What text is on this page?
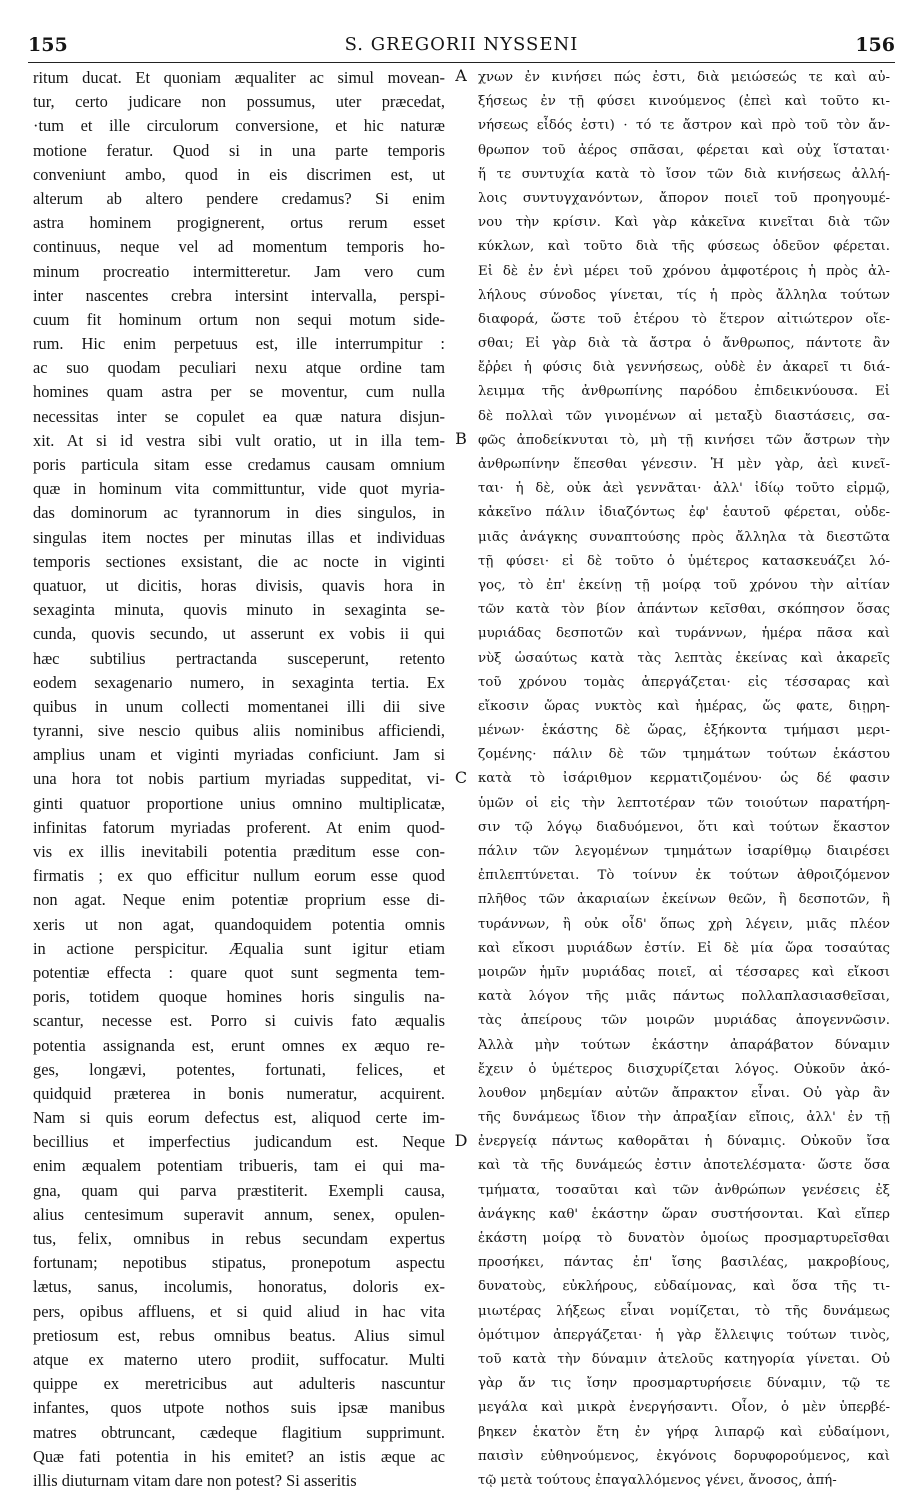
155	S. GREGORII NYSSENI	156
ritum ducat. Et quoniam æqualiter ac simul movean-
tur, certo judicare non possumus, uter præcedat,
·tum et ille circulorum conversione, et hic naturæ
motione feratur. Quod si in una parte temporis
conveniunt ambo, quod in eis discrimen est, ut
alterum ab altero pendere credamus? Si enim
astra hominem progignerent, ortus rerum esset
continuus, neque vel ad momentum temporis ho-
minum procreatio intermitteretur. Jam vero cum
inter nascentes crebra intersint intervalla, perspi-
cuum fit hominum ortum non sequi motum side-
rum. Hic enim perpetuus est, ille interrumpitur :
ac suo quodam peculiari nexu atque ordine tam
homines quam astra per se moventur, cum nulla
necessitas inter se copulet ea quæ natura disjun-
xit. At si id vestra sibi vult oratio, ut in illa tem-
poris particula sitam esse credamus causam omnium
quæ in hominum vita committuntur, vide quot myria-
das dominorum ac tyrannorum in dies singulos, in
singulas item noctes per minutas illas et individuas
temporis sectiones exsistant, die ac nocte in viginti
quatuor, ut dicitis, horas divisis, quavis hora in
sexaginta minuta, quovis minuto in sexaginta se-
cunda, quovis secundo, ut asserunt ex vobis ii qui
hæc subtilius pertractanda susceperunt, retento
eodem sexagenario numero, in sexaginta tertia. Ex
quibus in unum collecti momentanei illi dii sive
tyranni, sive nescio quibus aliis nominibus afficiendi,
amplius unam et viginti myriadas conficiunt. Jam si
una hora tot nobis partium myriadas suppeditat, vi-
ginti quatuor proportione unius omnino multiplicatæ,
infinitas fatorum myriadas proferent. At enim quod-
vis ex illis inevitabili potentia præditum esse con-
firmatis ; ex quo efficitur nullum eorum esse quod
non agat. Neque enim potentiæ proprium esse di-
xeris ut non agat, quandoquidem potentia omnis
in actione perspicitur. Æqualia sunt igitur etiam
potentiæ effecta : quare quot sunt segmenta tem-
poris, totidem quoque homines horis singulis na-
scantur, necesse est. Porro si cuivis fato æqualis
potentia assignanda est, erunt omnes ex æquo re-
ges, longævi, potentes, fortunati, felices, et
quidquid præterea in bonis numeratur, acquirent.
Nam si quis eorum defectus est, aliquod certe im-
becillius et imperfectius judicandum est. Neque
enim æqualem potentiam tribueris, tam ei qui ma-
gna, quam qui parva præstiterit. Exempli causa,
alius centesimum superavit annum, senex, opulen-
tus, felix, omnibus in rebus secundam expertus
fortunam; nepotibus stipatus, pronepotum aspectu
lætus, sanus, incolumis, honoratus, doloris ex-
pers, opibus affluens, et si quid aliud in hac vita
pretiosum est, rebus omnibus beatus. Alius simul
atque ex materno utero prodiit, suffocatur. Multi
quippe ex meretricibus aut adulteris nascuntur
infantes, quos utpote nothos suis ipsæ manibus
matres obtruncant, cædeque flagitium supprimunt.
Quæ fati potentia in his emitet? an istis æque ac
illis diuturnam vitam dare non potest? Si asseritis
χνων ἐν κινήσει πώς ἐστι, διὰ μειώσεώς τε καὶ αὐ-
ξήσεως ἐν τῇ φύσει κινούμενος (ἐπεὶ καὶ τοῦτο κι-
νήσεως εἶδός ἐστι) · τό τε ἄστρον καὶ πρὸ τοῦ τὸν ἄν-
θρωπον τοῦ ἀέρος σπᾶσαι, φέρεται καὶ οὐχ ἵσταται·
ἥ τε συντυχία κατὰ τὸ ἴσον τῶν διὰ κινήσεως ἀλλή-
λοις συντυγχανόντων, ἄπορον ποιεῖ τοῦ προηγουμέ-
νου τὴν κρίσιν. Καὶ γὰρ κἀκεῖνα κινεῖται διὰ τῶν
κύκλων, καὶ τοῦτο διὰ τῆς φύσεως ὁδεῦον φέρεται.
Εἰ δὲ ἐν ἑνὶ μέρει τοῦ χρόνου ἀμφοτέροις ἡ πρὸς ἀλ-
λήλους σύνοδος γίνεται, τίς ἡ πρὸς ἄλληλα τούτων
διαφορά, ὥστε τοῦ ἑτέρου τὸ ἕτερον αἰτιώτερον οἴε-
σθαι; Εἰ γὰρ διὰ τὰ ἄστρα ὁ ἄνθρωπος, πάντοτε ἂν
ἔῤῥει ἡ φύσις διὰ γεννήσεως, οὐδὲ ἐν ἀκαρεῖ τι διά-
λειμμα τῆς ἀνθρωπίνης παρόδου ἐπιδεικνύουσα. Εἰ
δὲ πολλαὶ τῶν γινομένων αἱ μεταξὺ διαστάσεις, σα-
φῶς ἀποδείκνυται τὸ, μὴ τῇ κινήσει τῶν ἄστρων τὴν
ἀνθρωπίνην ἕπεσθαι γένεσιν. Ἡ μὲν γὰρ, ἀεὶ κινεῖ-
ται· ἡ δὲ, οὐκ ἀεὶ γεννᾶται· ἀλλ' ἰδίῳ τοῦτο εἱρμῷ,
κἀκεῖνο πάλιν ἰδιαζόντως ἐφ' ἑαυτοῦ φέρεται, οὐδε-
μιᾶς ἀνάγκης συναπτούσης πρὸς ἄλληλα τὰ διεστῶτα
τῇ φύσει· εἰ δὲ τοῦτο ὁ ὑμέτερος κατασκευάζει λό-
γος, τὸ ἐπ' ἐκείνῃ τῇ μοίρᾳ τοῦ χρόνου τὴν αἰτίαν
τῶν κατὰ τὸν βίον ἁπάντων κεῖσθαι, σκόπησον ὅσας
μυριάδας δεσποτῶν καὶ τυράννων, ἡμέρα πᾶσα καὶ
νὺξ ὡσαύτως κατὰ τὰς λεπτὰς ἐκείνας καὶ ἀκαρεῖς
τοῦ χρόνου τομὰς ἀπεργάζεται· εἰς τέσσαρας καὶ
εἴκοσιν ὥρας νυκτὸς καὶ ἡμέρας, ὥς φατε, διῃρη-
μένων· ἑκάστης δὲ ὥρας, ἑξήκοντα τμήμασι μερι-
ζομένης· πάλιν δὲ τῶν τμημάτων τούτων ἑκάστου
κατὰ τὸ ἰσάριθμον κερματιζομένου· ὡς δέ φασιν
ὑμῶν οἱ εἰς τὴν λεπτοτέραν τῶν τοιούτων παρατήρη-
σιν τῷ λόγῳ διαδυόμενοι, ὅτι καὶ τούτων ἕκαστον
πάλιν τῶν λεγομένων τμημάτων ἰσαρίθμῳ διαιρέσει
ἐπιλεπτύνεται. Τὸ τοίνυν ἐκ τούτων ἀθροιζόμενον
πλῆθος τῶν ἀκαριαίων ἐκείνων θεῶν, ἢ δεσποτῶν, ἢ
τυράννων, ἢ οὐκ οἶδ' ὅπως χρὴ λέγειν, μιᾶς πλέον
καὶ εἴκοσι μυριάδων ἐστίν. Εἰ δὲ μία ὥρα τοσαύτας
μοιρῶν ἡμῖν μυριάδας ποιεῖ, αἱ τέσσαρες καὶ εἴκοσι
κατὰ λόγον τῆς μιᾶς πάντως πολλαπλασιασθεῖσαι,
τὰς ἀπείρους τῶν μοιρῶν μυριάδας ἀπογεννῶσιν.
Ἀλλὰ μὴν τούτων ἑκάστην ἀπαράβατον δύναμιν
ἔχειν ὁ ὑμέτερος διισχυρίζεται λόγος. Οὐκοῦν ἀκό-
λουθον μηδεμίαν αὐτῶν ἄπρακτον εἶναι. Οὐ γὰρ ἂν
τῆς δυνάμεως ἴδιον τὴν ἀπραξίαν εἴποις, ἀλλ' ἐν τῇ
ἐνεργείᾳ πάντως καθορᾶται ἡ δύναμις. Οὐκοῦν ἴσα
καὶ τὰ τῆς δυνάμεώς ἐστιν ἀποτελέσματα· ὥστε ὅσα
τμήματα, τοσαῦται καὶ τῶν ἀνθρώπων γενέσεις ἐξ
ἀνάγκης καθ' ἑκάστην ὥραν συστήσονται. Καὶ εἴπερ
ἑκάστη μοίρᾳ τὸ δυνατὸν ὁμοίως προσμαρτυρεῖσθαι
προσήκει, πάντας ἐπ' ἴσης βασιλέας, μακροβίους,
δυνατοὺς, εὐκλήρους, εὐδαίμονας, καὶ ὅσα τῆς τι-
μιωτέρας λήξεως εἶναι νομίζεται, τὸ τῆς δυνάμεως
ὁμότιμον ἀπεργάζεται· ἡ γὰρ ἔλλειψις τούτων τινὸς,
τοῦ κατὰ τὴν δύναμιν ἀτελοῦς κατηγορία γίνεται. Οὐ
γὰρ ἄν τις ἴσην προσμαρτυρήσειε δύναμιν, τῷ τε
μεγάλα καὶ μικρὰ ἐνεργήσαντι. Οἷον, ὁ μὲν ὑπερβέ-
βηκεν ἑκατὸν ἔτη ἐν γήρᾳ λιπαρῷ καὶ εὐδαίμονι,
παισὶν εὐθηνούμενος, ἐκγόνοις δορυφορούμενος, καὶ
τῷ μετὰ τούτους ἐπαγαλλόμενος γένει, ἄνοσος, ἀπή-
A
B
C
D
